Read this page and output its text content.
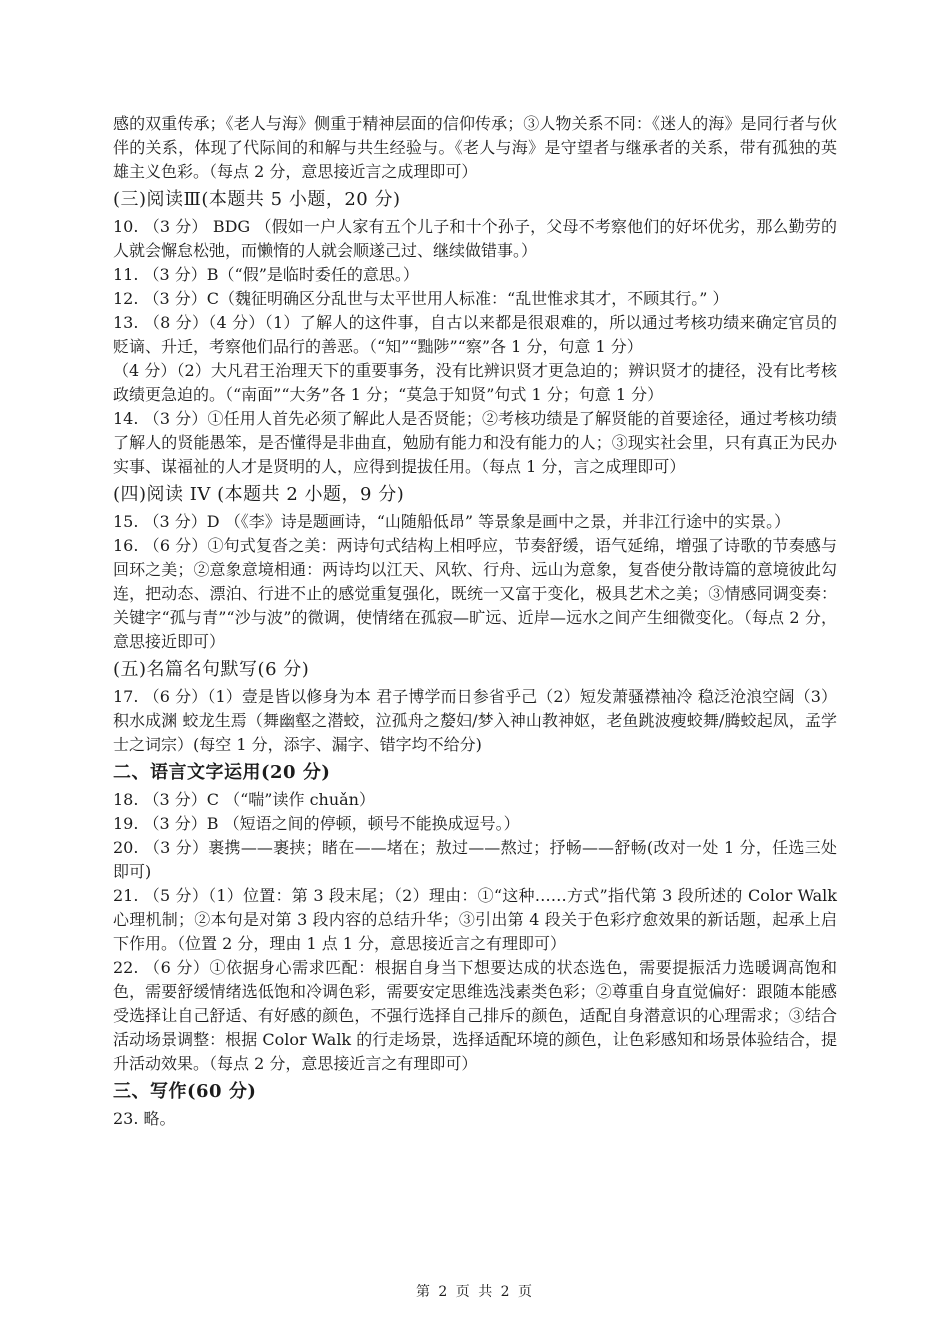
感的双重传承；《老人与海》侧重于精神层面的信仰传承；③人物关系不同：《迷人的海》是同行者与伙伴的关系，体现了代际间的和解与共生经验与。《老人与海》是守望者与继承者的关系，带有孤独的英雄主义色彩。（每点 2 分，意思接近言之成理即可）

(三)阅读Ⅲ(本题共 5 小题，20 分)

10. （3 分） BDG （假如一户人家有五个儿子和十个孙子，父母不考察他们的好坏优劣，那么勤劳的人就会懈怠松弛，而懒惰的人就会顺遂己过、继续做错事。）

11. （3 分）B（“假”是临时委任的意思。）

12. （3 分）C（魏征明确区分乱世与太平世用人标准：“乱世惟求其才，不顾其行。” ）

13. （8 分）（4 分）（1）了解人的这件事，自古以来都是很艰难的，所以通过考核功绩来确定官员的贬谪、升迁，考察他们品行的善恶。（“知”“黜陟”“察”各 1 分，句意 1 分）

（4 分）（2）大凡君王治理天下的重要事务，没有比辨识贤才更急迫的；辨识贤才的捷径，没有比考核政绩更急迫的。（“南面”“大务”各 1 分；“莫急于知贤”句式 1 分；句意 1 分）

14. （3 分）①任用人首先必须了解此人是否贤能；②考核功绩是了解贤能的首要途径，通过考核功绩了解人的贤能愚笨，是否懂得是非曲直，勉励有能力和没有能力的人；③现实社会里，只有真正为民办实事、谋福祉的人才是贤明的人，应得到提拔任用。（每点 1 分，言之成理即可）

(四)阅读 IV (本题共 2 小题，9 分)

15. （3 分）D （《李》诗是题画诗，“山随船低昂” 等景象是画中之景，并非江行途中的实景。）

16. （6 分）①句式复沓之美：两诗句式结构上相呼应，节奏舒缓，语气延绵，增强了诗歌的节奏感与回环之美；②意象意境相通：两诗均以江天、风软、行舟、远山为意象，复沓使分散诗篇的意境彼此勾连，把动态、漂泊、行进不止的感觉重复强化，既统一又富于变化，极具艺术之美；③情感同调变奏：关键字“孤与青”“沙与波”的微调，使情绪在孤寂—旷远、近岸—远水之间产生细微变化。（每点 2 分，意思接近即可）

(五)名篇名句默写(6 分)

17. （6 分）（1）壹是皆以修身为本 君子博学而日参省乎己（2）短发萧骚襟袖冷 稳泛沧浪空阔（3）积水成渊 蛟龙生焉（舞幽壑之潜蛟，泣孤舟之嫠妇/梦入神山教神妪，老鱼跳波瘦蛟舞/腾蛟起凤，孟学士之词宗）(每空 1 分，添字、漏字、错字均不给分)

二、语言文字运用(20 分)

18. （3 分）C （“喘”读作 chuǎn）

19. （3 分）B （短语之间的停顿，顿号不能换成逗号。）

20. （3 分）裹携——裹挟；睹在——堵在；敖过——熬过；抒畅——舒畅(改对一处 1 分，任选三处即可)

21. （5 分）（1）位置：第 3 段末尾；（2）理由：①“这种……方式”指代第 3 段所述的 Color Walk 心理机制；②本句是对第 3 段内容的总结升华；③引出第 4 段关于色彩疗愈效果的新话题，起承上启下作用。（位置 2 分，理由 1 点 1 分，意思接近言之有理即可）

22. （6 分）①依据身心需求匹配：根据自身当下想要达成的状态选色，需要提振活力选暖调高饱和色，需要舒缓情绪选低饱和冷调色彩，需要安定思维选浅素类色彩；②尊重自身直觉偏好：跟随本能感受选择让自己舒适、有好感的颜色，不强行选择自己排斥的颜色，适配自身潜意识的心理需求；③结合活动场景调整：根据 Color Walk 的行走场景，选择适配环境的颜色，让色彩感知和场景体验结合，提升活动效果。（每点 2 分，意思接近言之有理即可）

三、写作(60 分)

23. 略。

第 2 页 共 2 页
